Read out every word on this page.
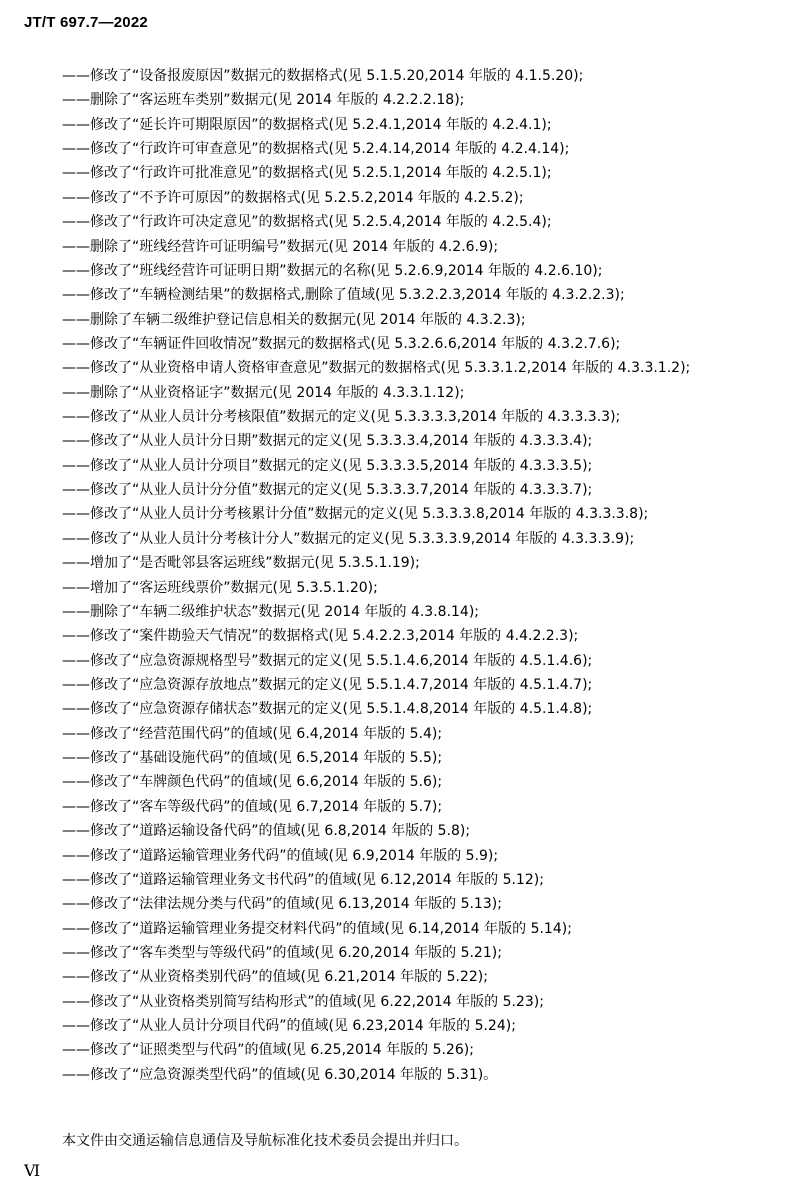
JT/T 697.7—2022
——修改了“设备报废原因”数据元的数据格式(见 5.1.5.20,2014 年版的 4.1.5.20);
——删除了“客运班车类别”数据元(见 2014 年版的 4.2.2.2.18);
——修改了“延长许可期限原因”的数据格式(见 5.2.4.1,2014 年版的 4.2.4.1);
——修改了“行政许可审查意见”的数据格式(见 5.2.4.14,2014 年版的 4.2.4.14);
——修改了“行政许可批准意见”的数据格式(见 5.2.5.1,2014 年版的 4.2.5.1);
——修改了“不予许可原因”的数据格式(见 5.2.5.2,2014 年版的 4.2.5.2);
——修改了“行政许可决定意见”的数据格式(见 5.2.5.4,2014 年版的 4.2.5.4);
——删除了“班线经营许可证明编号”数据元(见 2014 年版的 4.2.6.9);
——修改了“班线经营许可证明日期”数据元的名称(见 5.2.6.9,2014 年版的 4.2.6.10);
——修改了“车辆检测结果”的数据格式,删除了值域(见 5.3.2.2.3,2014 年版的 4.3.2.2.3);
——删除了车辆二级维护登记信息相关的数据元(见 2014 年版的 4.3.2.3);
——修改了“车辆证件回收情况”数据元的数据格式(见 5.3.2.6.6,2014 年版的 4.3.2.7.6);
——修改了“从业资格申请人资格审查意见”数据元的数据格式(见 5.3.3.1.2,2014 年版的 4.3.3.1.2);
——删除了“从业资格证字”数据元(见 2014 年版的 4.3.3.1.12);
——修改了“从业人员计分考核限值”数据元的定义(见 5.3.3.3.3,2014 年版的 4.3.3.3.3);
——修改了“从业人员计分日期”数据元的定义(见 5.3.3.3.4,2014 年版的 4.3.3.3.4);
——修改了“从业人员计分项目”数据元的定义(见 5.3.3.3.5,2014 年版的 4.3.3.3.5);
——修改了“从业人员计分分值”数据元的定义(见 5.3.3.3.7,2014 年版的 4.3.3.3.7);
——修改了“从业人员计分考核累计分值”数据元的定义(见 5.3.3.3.8,2014 年版的 4.3.3.3.8);
——修改了“从业人员计分考核计分人”数据元的定义(见 5.3.3.3.9,2014 年版的 4.3.3.3.9);
——增加了“是否毗邻县客运班线”数据元(见 5.3.5.1.19);
——增加了“客运班线票价”数据元(见 5.3.5.1.20);
——删除了“车辆二级维护状态”数据元(见 2014 年版的 4.3.8.14);
——修改了“案件勘验天气情况”的数据格式(见 5.4.2.2.3,2014 年版的 4.4.2.2.3);
——修改了“应急资源规格型号”数据元的定义(见 5.5.1.4.6,2014 年版的 4.5.1.4.6);
——修改了“应急资源存放地点”数据元的定义(见 5.5.1.4.7,2014 年版的 4.5.1.4.7);
——修改了“应急资源存储状态”数据元的定义(见 5.5.1.4.8,2014 年版的 4.5.1.4.8);
——修改了“经营范围代码”的值域(见 6.4,2014 年版的 5.4);
——修改了“基础设施代码”的值域(见 6.5,2014 年版的 5.5);
——修改了“车牌颜色代码”的值域(见 6.6,2014 年版的 5.6);
——修改了“客车等级代码”的值域(见 6.7,2014 年版的 5.7);
——修改了“道路运输设备代码”的值域(见 6.8,2014 年版的 5.8);
——修改了“道路运输管理业务代码”的值域(见 6.9,2014 年版的 5.9);
——修改了“道路运输管理业务文书代码”的值域(见 6.12,2014 年版的 5.12);
——修改了“法律法规分类与代码”的值域(见 6.13,2014 年版的 5.13);
——修改了“道路运输管理业务提交材料代码”的值域(见 6.14,2014 年版的 5.14);
——修改了“客车类型与等级代码”的值域(见 6.20,2014 年版的 5.21);
——修改了“从业资格类别代码”的值域(见 6.21,2014 年版的 5.22);
——修改了“从业资格类别简写结构形式”的值域(见 6.22,2014 年版的 5.23);
——修改了“从业人员计分项目代码”的值域(见 6.23,2014 年版的 5.24);
——修改了“证照类型与代码”的值域(见 6.25,2014 年版的 5.26);
——修改了“应急资源类型代码”的值域(见 6.30,2014 年版的 5.31)。
本文件由交通运输信息通信及导航标准化技术委员会提出并归口。
Ⅵ
